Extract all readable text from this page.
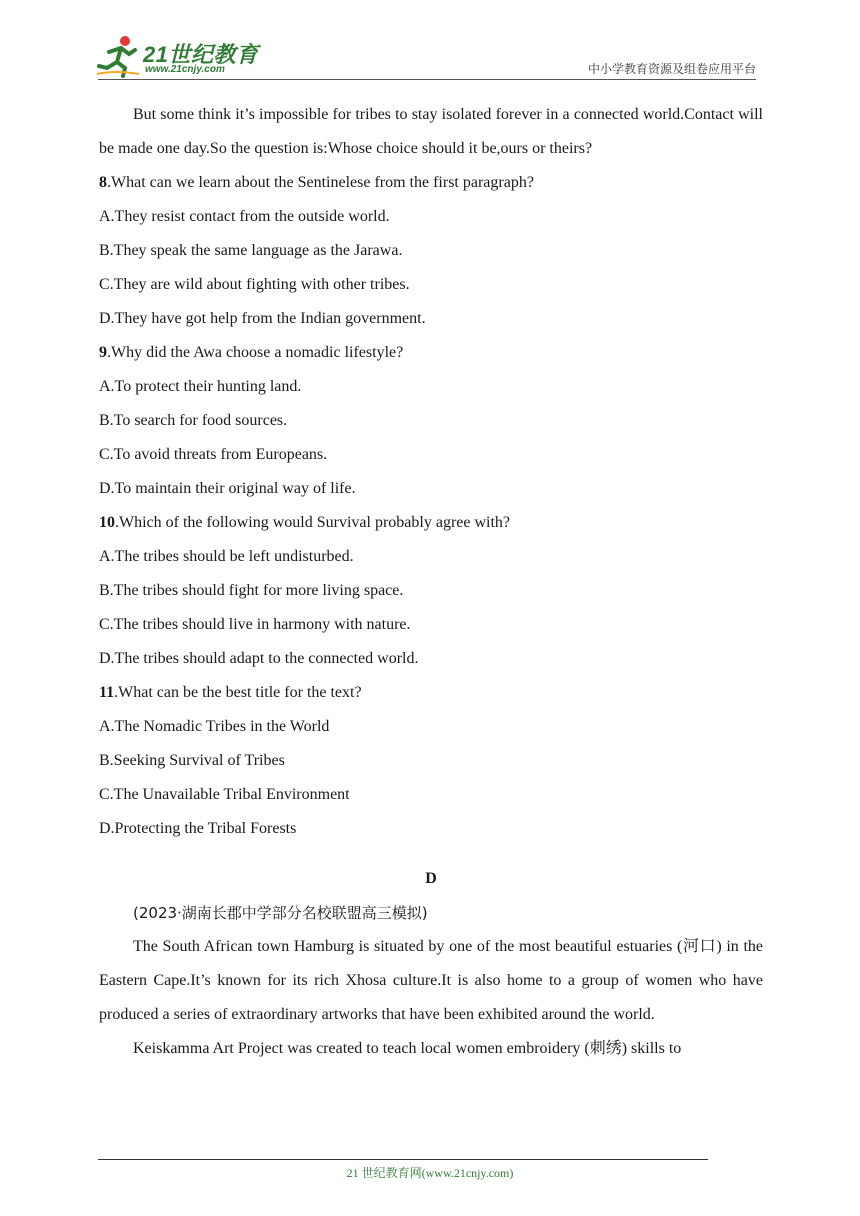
21世纪教育
www.21cnjy.com	中小学教育资源及组卷应用平台

But some think it’s impossible for tribes to stay isolated forever in a connected world.Contact will be made one day.So the question is:Whose choice should it be,ours or theirs?

8.What can we learn about the Sentinelese from the first paragraph?

A.They resist contact from the outside world.

B.They speak the same language as the Jarawa.

C.They are wild about fighting with other tribes.

D.They have got help from the Indian government.

9.Why did the Awa choose a nomadic lifestyle?

A.To protect their hunting land.

B.To search for food sources.

C.To avoid threats from Europeans.

D.To maintain their original way of life.

10.Which of the following would Survival probably agree with?

A.The tribes should be left undisturbed.

B.The tribes should fight for more living space.

C.The tribes should live in harmony with nature.

D.The tribes should adapt to the connected world.

11.What can be the best title for the text?

A.The Nomadic Tribes in the World

B.Seeking Survival of Tribes

C.The Unavailable Tribal Environment

D.Protecting the Tribal Forests

D

(2023·湖南长郡中学部分名校联盟高三模拟)

The South African town Hamburg is situated by one of the most beautiful estuaries (河口) in the Eastern Cape.It’s known for its rich Xhosa culture.It is also home to a group of women who have produced a series of extraordinary artworks that have been exhibited around the world.

Keiskamma Art Project was created to teach local women embroidery (刺绣) skills to

21 世纪教育网(www.21cnjy.com)
